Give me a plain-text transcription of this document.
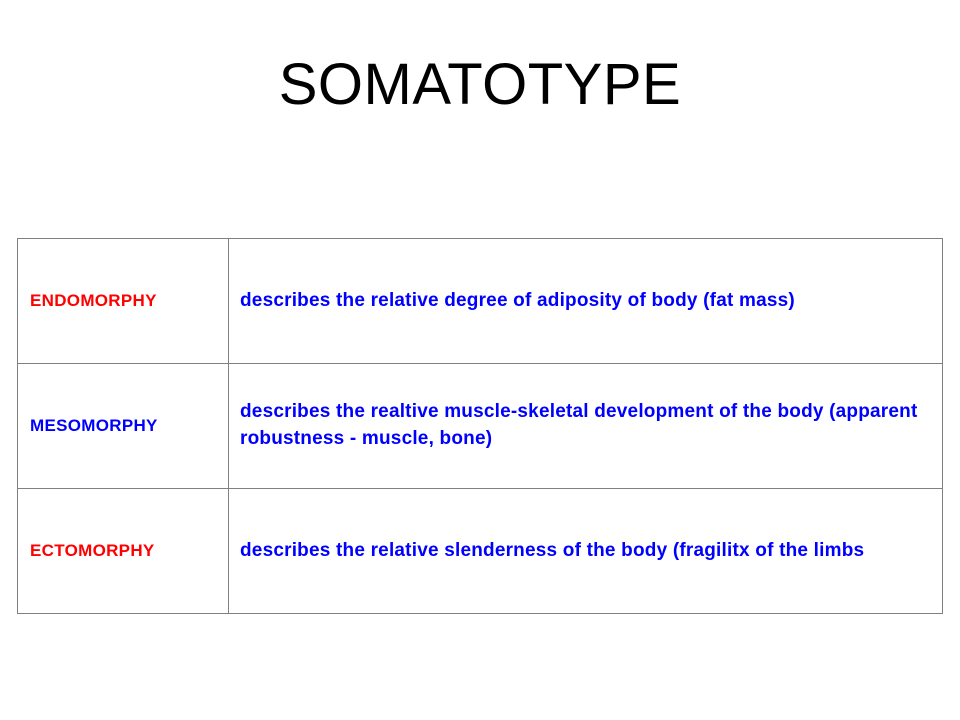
SOMATOTYPE
ENDOMORPHY	describes the relative degree of adiposity of body (fat mass)
MESOMORPHY	describes the realtive muscle-skeletal development of the body (apparent robustness - muscle, bone)
ECTOMORPHY	describes the relative slenderness of the body (fragilitx of the limbs
